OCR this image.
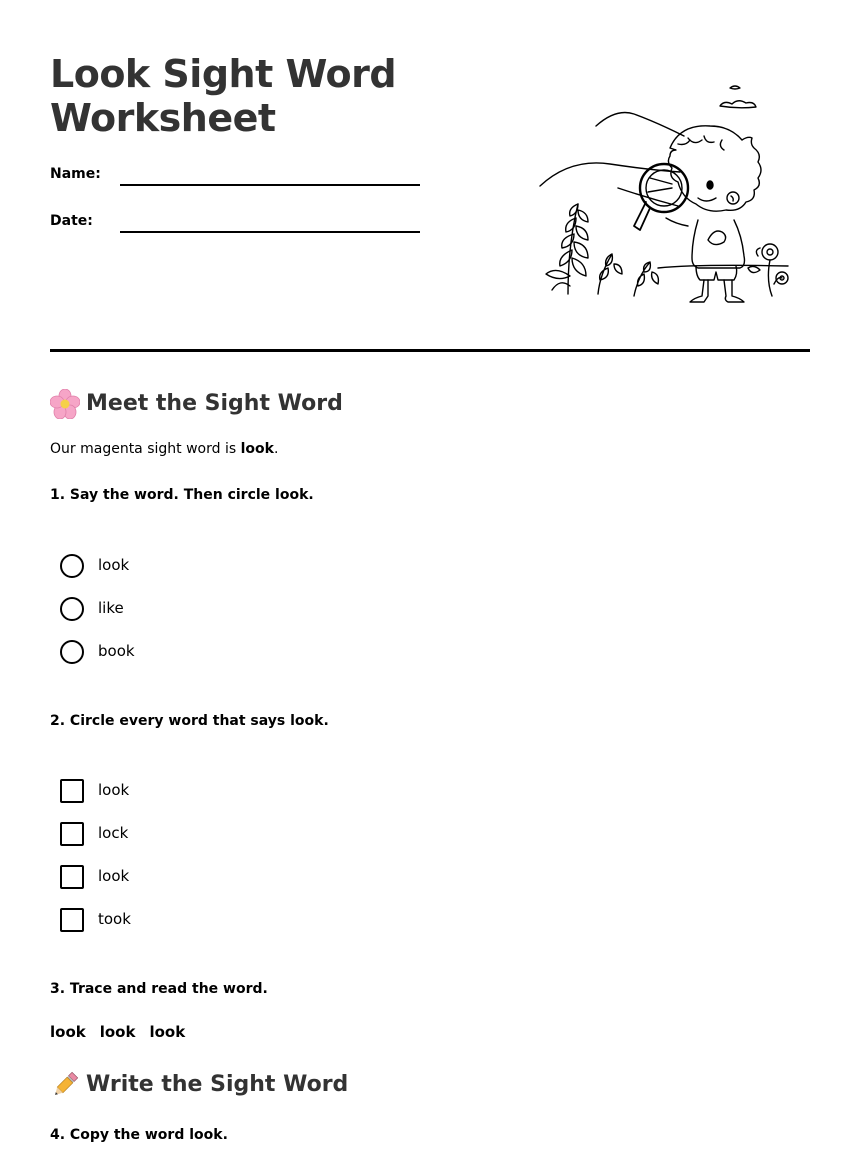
Look Sight Word Worksheet
Name:
Date:
Meet the Sight Word
Our magenta sight word is look.
1. Say the word. Then circle look.
look
like
book
2. Circle every word that says look.
look
lock
look
took
3. Trace and read the word.
look look look
Write the Sight Word
4. Copy the word look.
